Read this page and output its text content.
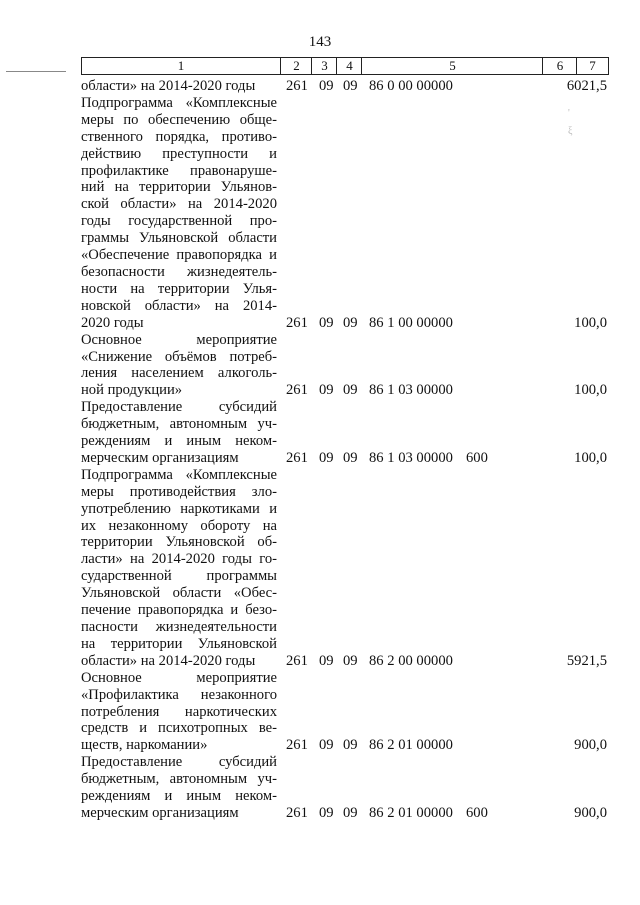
143
1	2	3	4	5	6	7
области» на 2014-2020 годы	261 09 09 86 0 00 00000	6021,5
Подпрограмма «Комплексные
меры по обеспечению обще-
ственного порядка, противо-
действию преступности и
профилактике правонаруше-
ний на территории Ульянов-
ской области» на 2014-2020
годы государственной про-
граммы Ульяновской области
«Обеспечение правопорядка и
безопасности жизнедеятель-
ности на территории Улья-
новской области» на 2014-
2020 годы	261 09 09 86 1 00 00000	100,0
Основное мероприятие
«Снижение объёмов потреб-
ления населением алкоголь-
ной продукции»	261 09 09 86 1 03 00000	100,0
Предоставление субсидий
бюджетным, автономным уч-
реждениям и иным неком-
мерческим организациям	261 09 09 86 1 03 00000 600	100,0
Подпрограмма «Комплексные
меры противодействия зло-
употреблению наркотиками и
их незаконному обороту на
территории Ульяновской об-
ласти» на 2014-2020 годы го-
сударственной программы
Ульяновской области «Обес-
печение правопорядка и безо-
пасности жизнедеятельности
на территории Ульяновской
области» на 2014-2020 годы	261 09 09 86 2 00 00000	5921,5
Основное мероприятие
«Профилактика незаконного
потребления наркотических
средств и психотропных ве-
ществ, наркомании»	261 09 09 86 2 01 00000	900,0
Предоставление субсидий
бюджетным, автономным уч-
реждениям и иным неком-
мерческим организациям	261 09 09 86 2 01 00000 600	900,0
'
ξ
